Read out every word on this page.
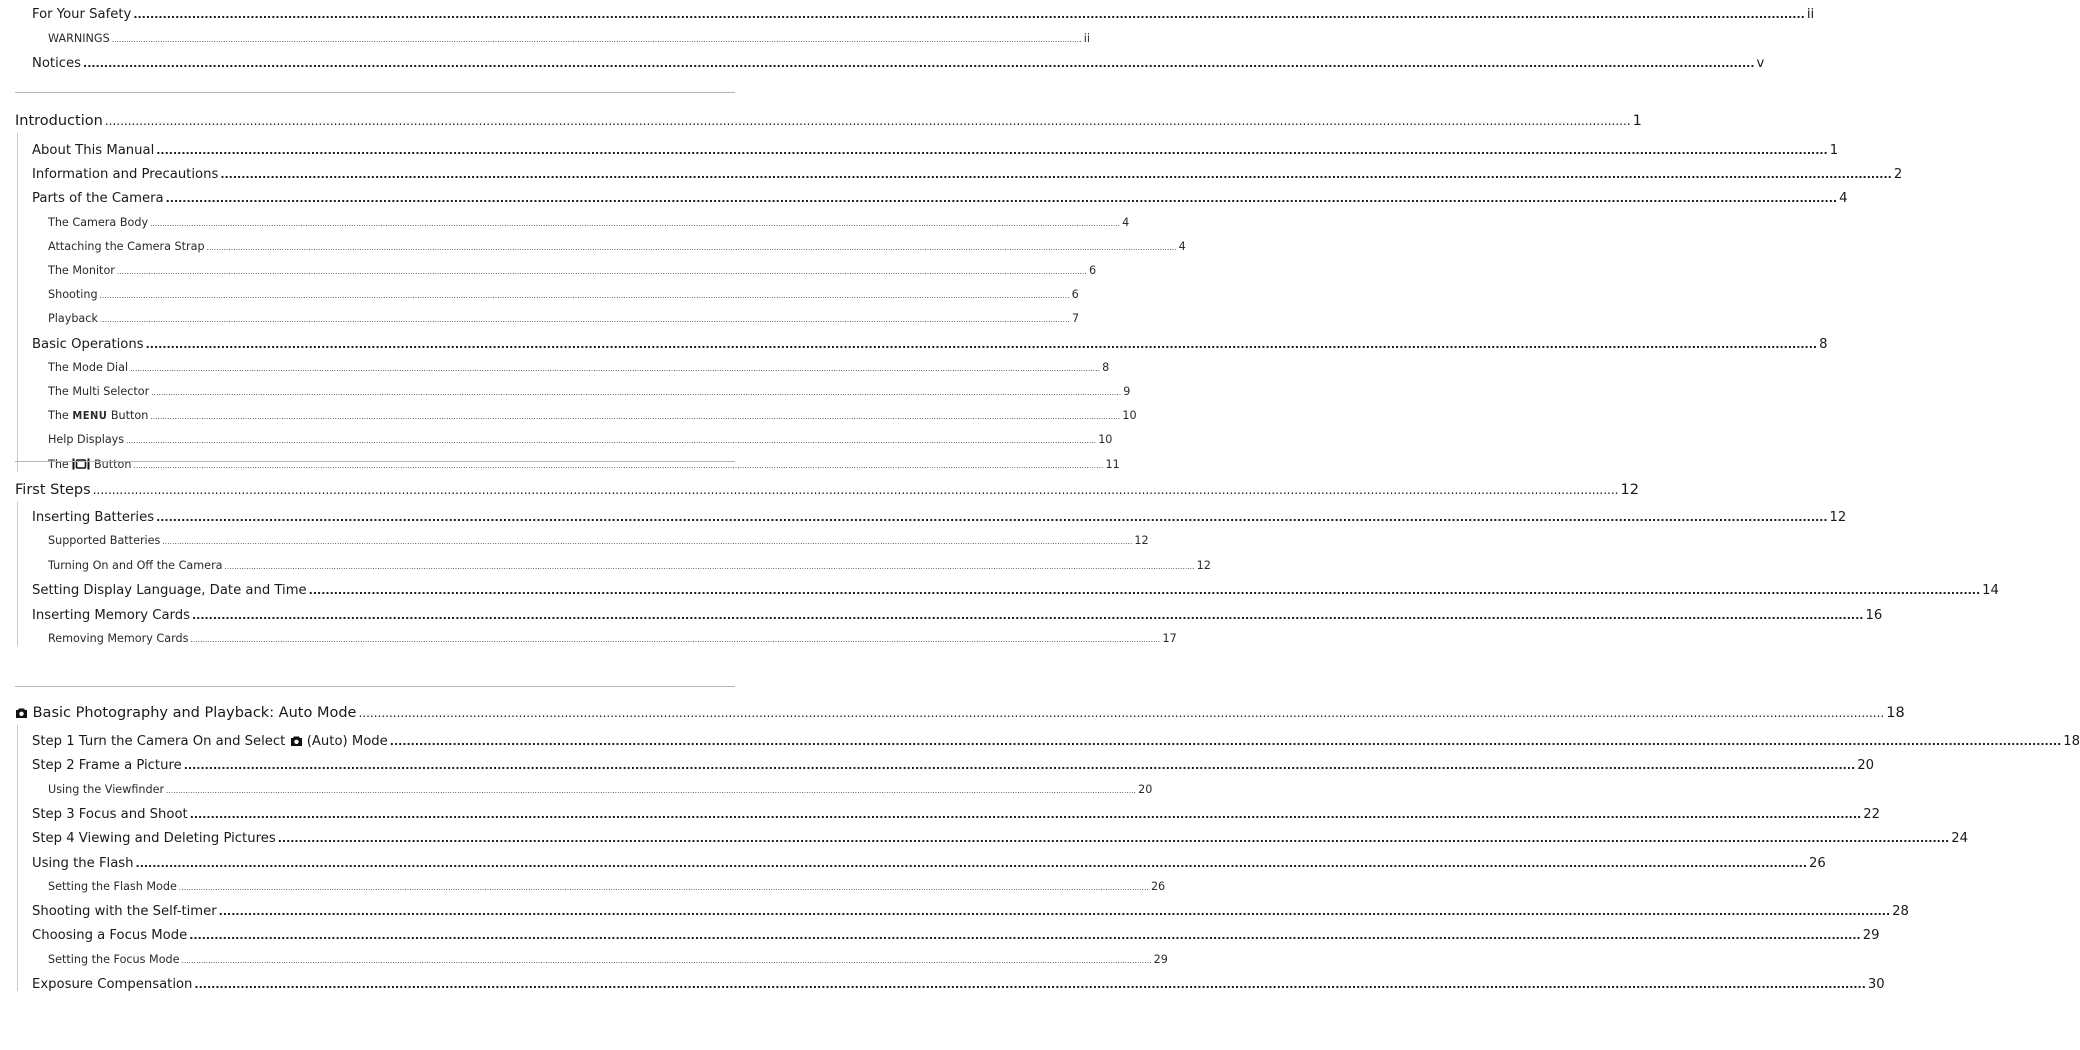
For Your Safety ................................................................................................................................................................................................................................................................................................................................................................................................................ ii
WARNINGS ................................................................................................................................................................................................................................................................................................................................................................................................................ ii
Notices ................................................................................................................................................................................................................................................................................................................................................................................................................ v
Introduction ................................................................................................................................................................................................................................................................................................................................................................................................................ 1
About This Manual ................................................................................................................................................................................................................................................................................................................................................................................................................ 1
Information and Precautions ................................................................................................................................................................................................................................................................................................................................................................................................................ 2
Parts of the Camera ................................................................................................................................................................................................................................................................................................................................................................................................................ 4
The Camera Body ................................................................................................................................................................................................................................................................................................................................................................................................................ 4
Attaching the Camera Strap ................................................................................................................................................................................................................................................................................................................................................................................................................ 4
The Monitor ................................................................................................................................................................................................................................................................................................................................................................................................................ 6
Shooting ................................................................................................................................................................................................................................................................................................................................................................................................................ 6
Playback ................................................................................................................................................................................................................................................................................................................................................................................................................ 7
Basic Operations ................................................................................................................................................................................................................................................................................................................................................................................................................ 8
The Mode Dial ................................................................................................................................................................................................................................................................................................................................................................................................................ 8
The Multi Selector ................................................................................................................................................................................................................................................................................................................................................................................................................ 9
The MENU Button ................................................................................................................................................................................................................................................................................................................................................................................................................ 10
Help Displays ................................................................................................................................................................................................................................................................................................................................................................................................................ 10
The Button ................................................................................................................................................................................................................................................................................................................................................................................................................ 11
First Steps ................................................................................................................................................................................................................................................................................................................................................................................................................ 12
Inserting Batteries ................................................................................................................................................................................................................................................................................................................................................................................................................ 12
Supported Batteries ................................................................................................................................................................................................................................................................................................................................................................................................................ 12
Turning On and Off the Camera ................................................................................................................................................................................................................................................................................................................................................................................................................ 12
Setting Display Language, Date and Time ................................................................................................................................................................................................................................................................................................................................................................................................................ 14
Inserting Memory Cards ................................................................................................................................................................................................................................................................................................................................................................................................................ 16
Removing Memory Cards ................................................................................................................................................................................................................................................................................................................................................................................................................ 17
Basic Photography and Playback: Auto Mode ................................................................................................................................................................................................................................................................................................................................................................................................................ 18
Step 1 Turn the Camera On and Select (Auto) Mode ................................................................................................................................................................................................................................................................................................................................................................................................................ 18
Step 2 Frame a Picture ................................................................................................................................................................................................................................................................................................................................................................................................................ 20
Using the Viewfinder ................................................................................................................................................................................................................................................................................................................................................................................................................ 20
Step 3 Focus and Shoot ................................................................................................................................................................................................................................................................................................................................................................................................................ 22
Step 4 Viewing and Deleting Pictures ................................................................................................................................................................................................................................................................................................................................................................................................................ 24
Using the Flash ................................................................................................................................................................................................................................................................................................................................................................................................................ 26
Setting the Flash Mode ................................................................................................................................................................................................................................................................................................................................................................................................................ 26
Shooting with the Self-timer ................................................................................................................................................................................................................................................................................................................................................................................................................ 28
Choosing a Focus Mode ................................................................................................................................................................................................................................................................................................................................................................................................................ 29
Setting the Focus Mode ................................................................................................................................................................................................................................................................................................................................................................................................................ 29
Exposure Compensation ................................................................................................................................................................................................................................................................................................................................................................................................................ 30
